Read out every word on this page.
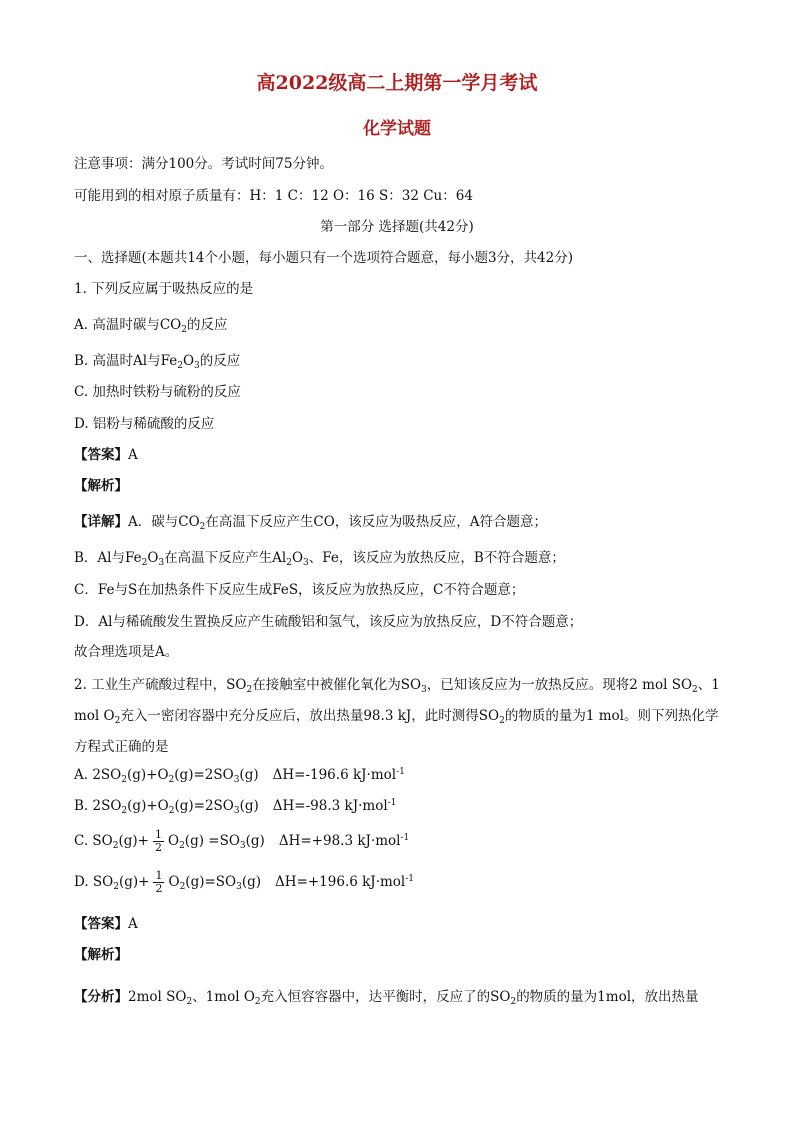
高2022级高二上期第一学月考试
化学试题
注意事项：满分100分。考试时间75分钟。
可能用到的相对原子质量有：H：1 C：12 O：16 S：32 Cu：64
第一部分 选择题(共42分)
一、选择题(本题共14个小题，每小题只有一个选项符合题意，每小题3分，共42分)
1. 下列反应属于吸热反应的是
A. 高温时碳与$CO_2$的反应
B. 高温时Al与$Fe_2O_3$的反应
C. 加热时铁粉与硫粉的反应
D. 铝粉与稀硫酸的反应
【答案】A
【解析】
【详解】A．碳与$CO_2$在高温下反应产生CO，该反应为吸热反应，A符合题意；
B．Al与$Fe_2O_3$在高温下反应产生$Al_2O_3$、Fe，该反应为放热反应，B不符合题意；
C．Fe与S在加热条件下反应生成FeS，该反应为放热反应，C不符合题意；
D．Al与稀硫酸发生置换反应产生硫酸铝和氢气，该反应为放热反应，D不符合题意；
故合理选项是A。
2. 工业生产硫酸过程中，$SO_2$在接触室中被催化氧化为$SO_3$，已知该反应为一放热反应。现将2 mol $SO_2$、1
mol $O_2$充入一密闭容器中充分反应后，放出热量98.3 kJ，此时测得$SO_2$的物质的量为1 mol。则下列热化学
方程式正确的是
A. $2SO_2(g)+O_2(g)=2SO_3(g)$ ΔH=-196.6 kJ·mol$^{-1}$
B. $2SO_2(g)+O_2(g)=2SO_3(g)$ ΔH=-98.3 kJ·mol$^{-1}$
C. $SO_2(g)+ \frac{1}{2} O_2(g) =SO_3(g)$ ΔH=+98.3 kJ·mol$^{-1}$
D. $SO_2(g)+ \frac{1}{2} O_2(g)=SO_3(g)$ ΔH=+196.6 kJ·mol$^{-1}$
【答案】A
【解析】
【分析】2mol $SO_2$、1mol $O_2$充入恒容容器中，达平衡时，反应了的$SO_2$的物质的量为1mol，放出热量
